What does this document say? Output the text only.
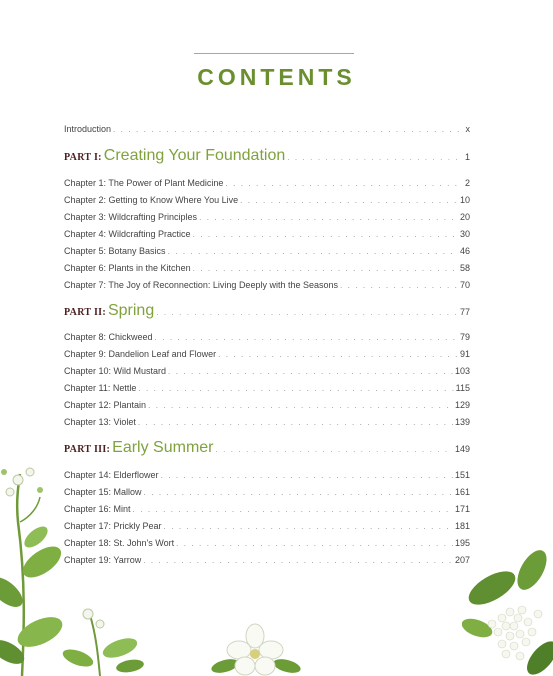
CONTENTS
Introduction . . .	x
PART I: Creating Your Foundation . . .	1
Chapter 1: The Power of Plant Medicine . . .	2
Chapter 2: Getting to Know Where You Live . . .	10
Chapter 3: Wildcrafting Principles . . .	20
Chapter 4: Wildcrafting Practice . . .	30
Chapter 5: Botany Basics . . .	46
Chapter 6: Plants in the Kitchen . . .	58
Chapter 7: The Joy of Reconnection: Living Deeply with the Seasons . . .	70
PART II: Spring . . .	77
Chapter 8: Chickweed . . .	79
Chapter 9: Dandelion Leaf and Flower . . .	91
Chapter 10: Wild Mustard . . .	103
Chapter 11: Nettle . . .	115
Chapter 12: Plantain . . .	129
Chapter 13: Violet . . .	139
PART III: Early Summer . . .	149
Chapter 14: Elderflower . . .	151
Chapter 15: Mallow . . .	161
Chapter 16: Mint . . .	171
Chapter 17: Prickly Pear . . .	181
Chapter 18: St. John's Wort . . .	195
Chapter 19: Yarrow . . .	207
